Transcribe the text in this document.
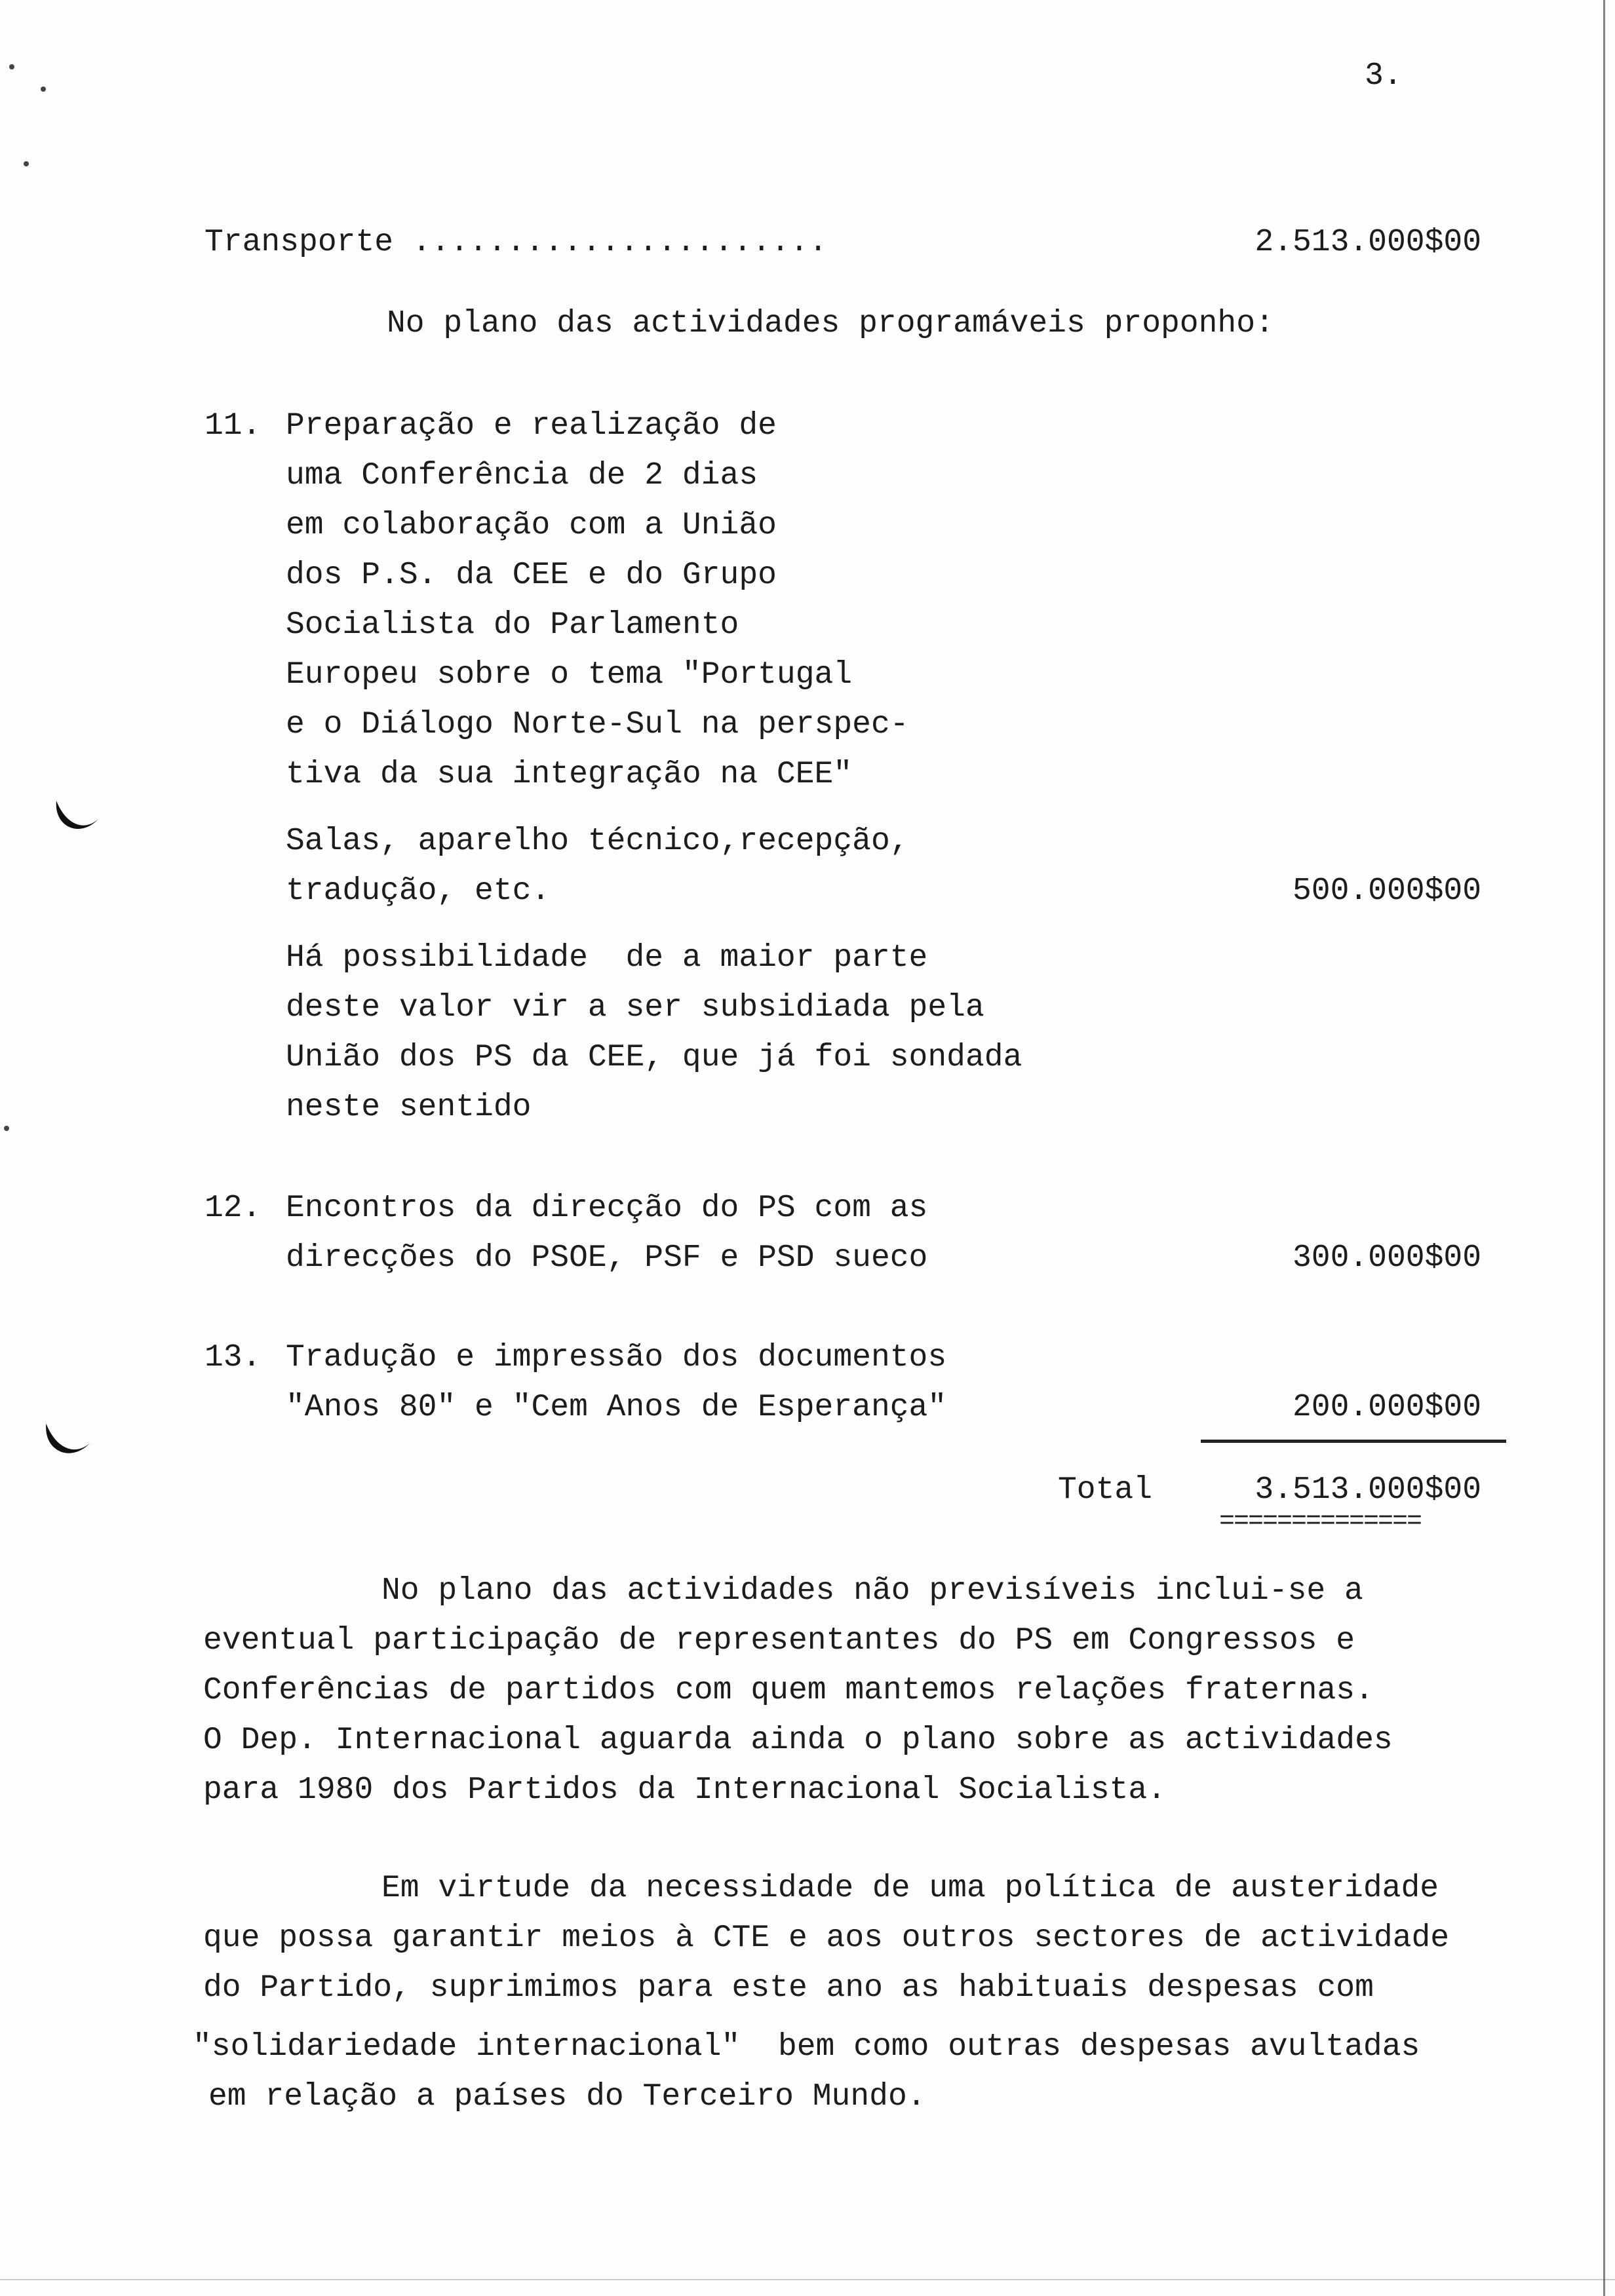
3.
Transporte ......................	2.513.000$00
No plano das actividades programáveis proponho:
11. Preparação e realização de
uma Conferência de 2 dias
em colaboração com a União
dos P.S. da CEE e do Grupo
Socialista do Parlamento
Europeu sobre o tema "Portugal
e o Diálogo Norte-Sul na perspec-
tiva da sua integração na CEE"
Salas, aparelho técnico,recepção,
tradução, etc.	500.000$00
Há possibilidade  de a maior parte
deste valor vir a ser subsidiada pela
União dos PS da CEE, que já foi sondada
neste sentido
12. Encontros da direcção do PS com as
direcções do PSOE, PSF e PSD sueco	300.000$00
13. Tradução e impressão dos documentos
"Anos 80" e "Cem Anos de Esperança"	200.000$00
Total	3.513.000$00
==============
No plano das actividades não previsíveis inclui-se a
eventual participação de representantes do PS em Congressos e
Conferências de partidos com quem mantemos relações fraternas.
O Dep. Internacional aguarda ainda o plano sobre as actividades
para 1980 dos Partidos da Internacional Socialista.
Em virtude da necessidade de uma política de austeridade
que possa garantir meios à CTE e aos outros sectores de actividade
do Partido, suprimimos para este ano as habituais despesas com
"solidariedade internacional"  bem como outras despesas avultadas
em relação a países do Terceiro Mundo.
